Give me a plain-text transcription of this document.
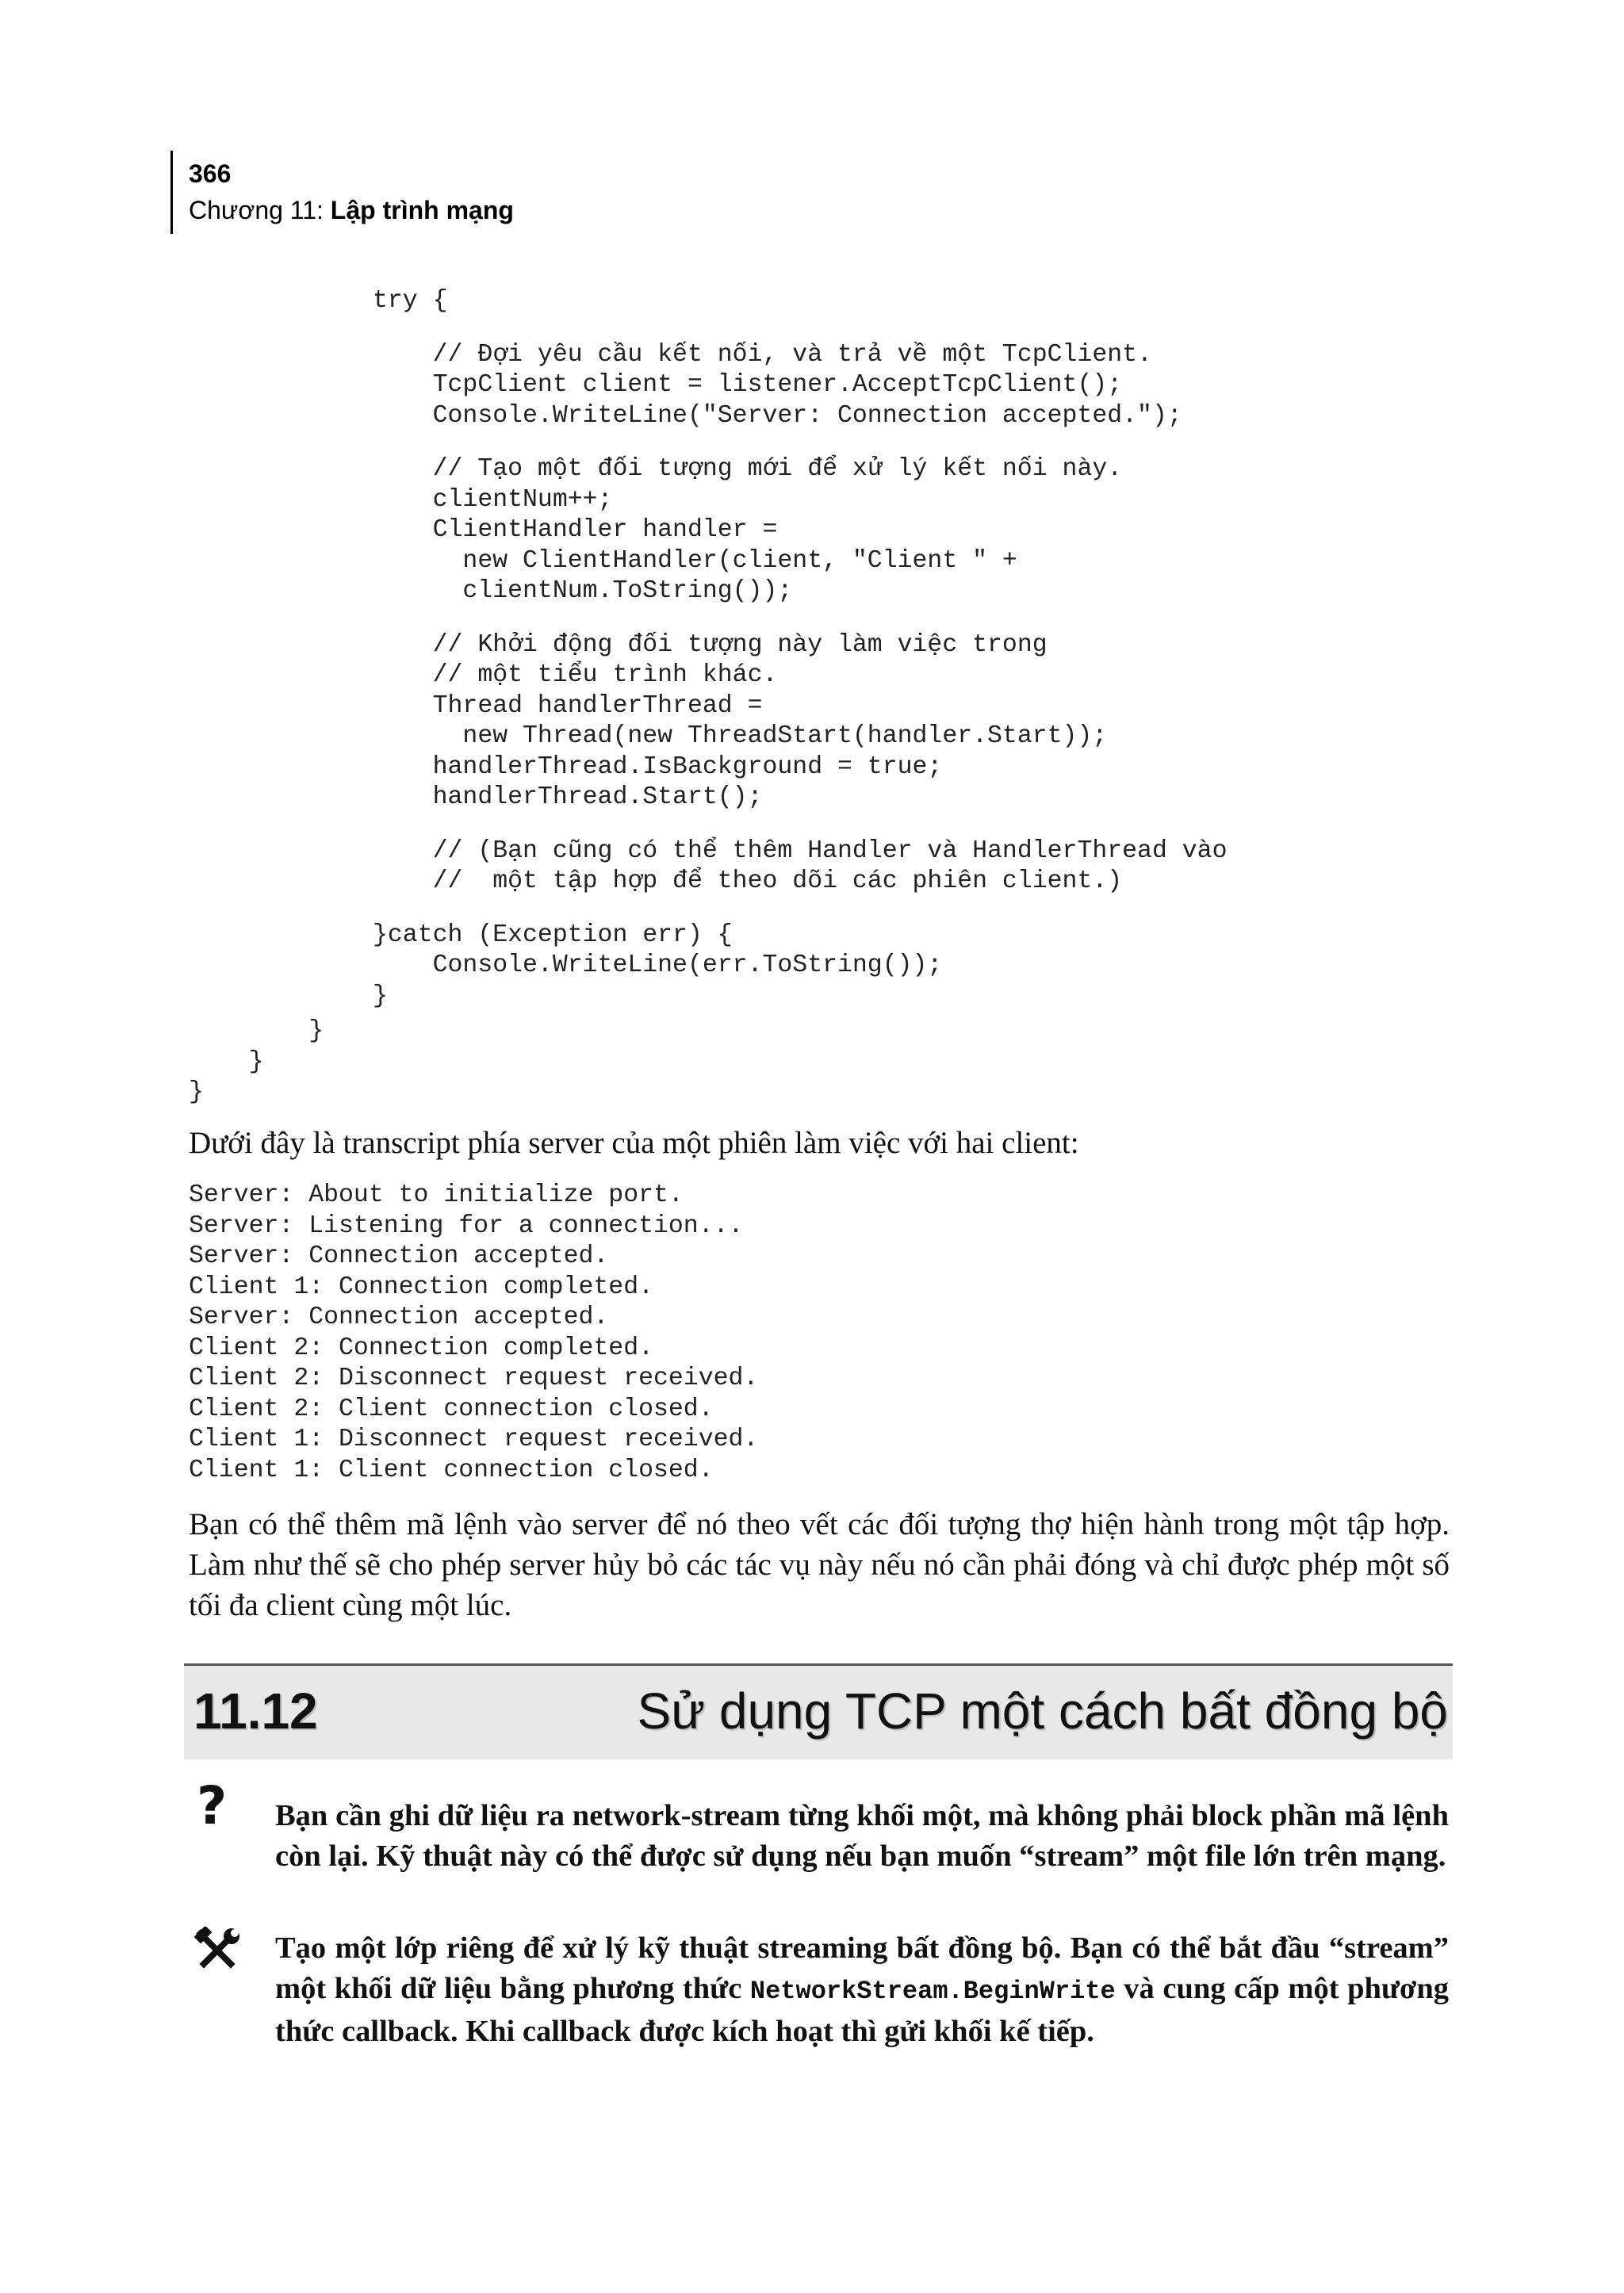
366
Chương 11: Lập trình mạng
try {
// Đợi yêu cầu kết nối, và trả về một TcpClient.
TcpClient client = listener.AcceptTcpClient();
Console.WriteLine("Server: Connection accepted.");
// Tạo một đối tượng mới để xử lý kết nối này.
clientNum++;
ClientHandler handler =
new ClientHandler(client, "Client " +
clientNum.ToString());
// Khởi động đối tượng này làm việc trong
// một tiểu trình khác.
Thread handlerThread =
new Thread(new ThreadStart(handler.Start));
handlerThread.IsBackground = true;
handlerThread.Start();
// (Bạn cũng có thể thêm Handler và HandlerThread vào
//  một tập hợp để theo dõi các phiên client.)
}catch (Exception err) {
Console.WriteLine(err.ToString());
}
}
}
}
Dưới đây là transcript phía server của một phiên làm việc với hai client:
Server: About to initialize port.
Server: Listening for a connection...
Server: Connection accepted.
Client 1: Connection completed.
Server: Connection accepted.
Client 2: Connection completed.
Client 2: Disconnect request received.
Client 2: Client connection closed.
Client 1: Disconnect request received.
Client 1: Client connection closed.
Bạn có thể thêm mã lệnh vào server để nó theo vết các đối tượng thợ hiện hành trong một tập hợp. Làm như thế sẽ cho phép server hủy bỏ các tác vụ này nếu nó cần phải đóng và chỉ được phép một số tối đa client cùng một lúc.
11.12	Sử dụng TCP một cách bất đồng bộ
?	Bạn cần ghi dữ liệu ra network-stream từng khối một, mà không phải block phần mã lệnh còn lại. Kỹ thuật này có thể được sử dụng nếu bạn muốn “stream” một file lớn trên mạng.
Tạo một lớp riêng để xử lý kỹ thuật streaming bất đồng bộ. Bạn có thể bắt đầu “stream” một khối dữ liệu bằng phương thức NetworkStream.BeginWrite và cung cấp một phương thức callback. Khi callback được kích hoạt thì gửi khối kế tiếp.
